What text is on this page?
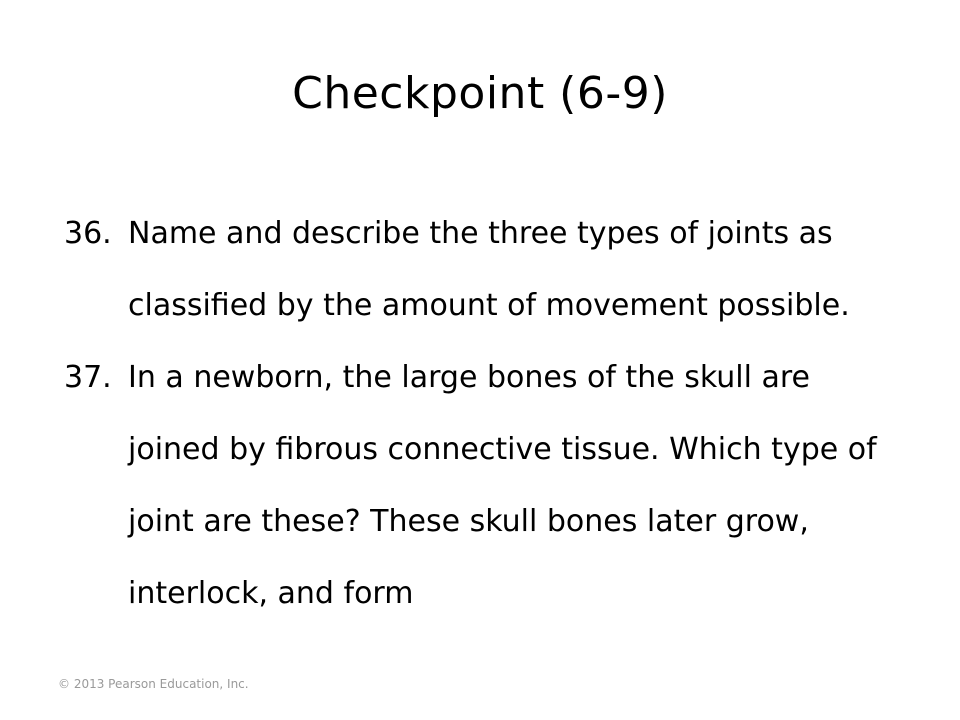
Checkpoint (6-9)
36. Name and describe the three types of joints as classified by the amount of movement possible.
37. In a newborn, the large bones of the skull are joined by fibrous connective tissue. Which type of joint are these? These skull bones later grow, interlock, and form
© 2013 Pearson Education, Inc.
